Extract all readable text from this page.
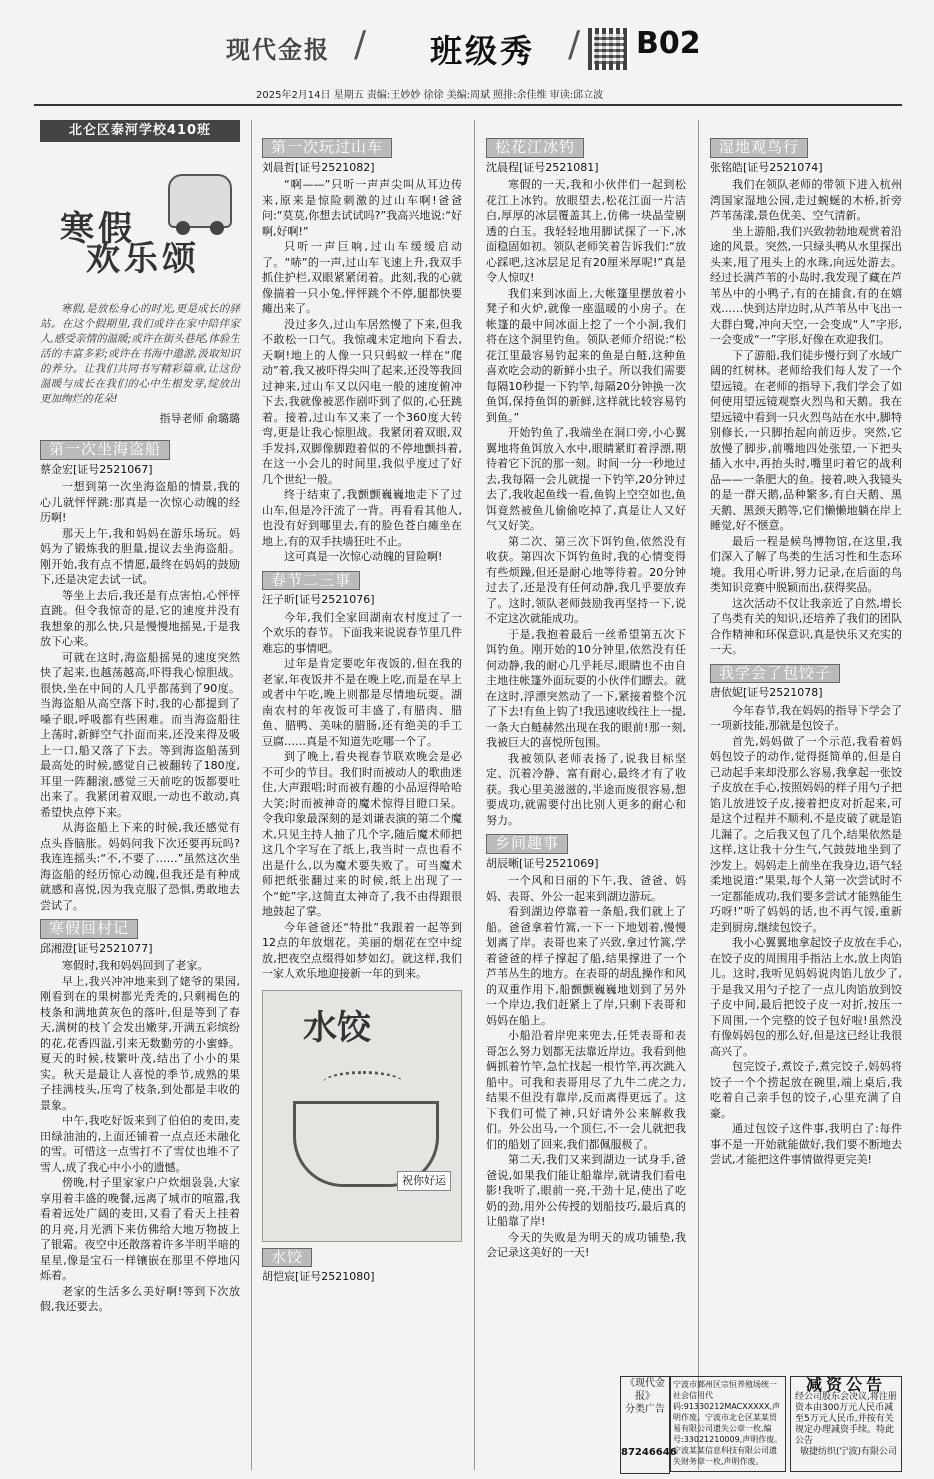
现代金报 / 班级秀 / B02
2025年2月14日 星期五 责编:王妙妙 徐徐 美编:周斌 照排:余佳维 审读:邱立波
北仑区泰河学校410班
寒假
欢乐颂

寒假,是放松身心的时光,更是成长的驿站。在这个假期里,我们或许在家中陪伴家人,感受亲情的温暖;或许在街头巷尾,体验生活的丰富多彩;或许在书海中遨游,汲取知识的养分。让我们共同书写精彩篇章,让这份温暖与成长在我们的心中生根发芽,绽放出更加绚烂的花朵!

指导老师 俞璐璐
第一次坐海盗船
蔡金宏[证号2521067]

一想到第一次坐海盗船的情景,我的心儿就怦怦跳:那真是一次惊心动魄的经历啊!

那天上午,我和妈妈在游乐场玩。妈妈为了锻炼我的胆量,提议去坐海盗船。刚开始,我有点不情愿,最终在妈妈的鼓励下,还是决定去试一试。

等坐上去后,我还是有点害怕,心怦怦直跳。但令我惊奇的是,它的速度并没有我想象的那么快,只是慢慢地摇晃,于是我放下心来。

可就在这时,海盗船摇晃的速度突然快了起来,也越荡越高,吓得我心惊胆战。很快,坐在中间的人几乎都荡到了90度。当海盗船从高空落下时,我的心都提到了嗓子眼,呼吸都有些困难。而当海盗船往上荡时,新鲜空气扑面而来,还没来得及吸上一口,船又落了下去。等到海盗船荡到最高处的时候,感觉自己被翻转了180度,耳里一阵翻滚,感觉三天前吃的饭都要吐出来了。我紧闭着双眼,一动也不敢动,真希望快点停下来。

从海盗船上下来的时候,我还感觉有点头昏脑胀。妈妈问我下次还要再玩吗?我连连摇头:“不,不要了……”虽然这次坐海盗船的经历惊心动魄,但我还是有种成就感和喜悦,因为我克服了恐惧,勇敢地去尝试了。

寒假回村记
邱湘澄[证号2521077]

寒假时,我和妈妈回到了老家。

早上,我兴冲冲地来到了姥爷的果园,刚看到在的果树都光秃秃的,只剩褐色的枝条和满地黄灰色的落叶,但是等到了春天,满树的枝丫会发出嫩芽,开满五彩缤纷的花,花香四溢,引来无数勤劳的小蜜蜂。夏天的时候,枝繁叶茂,结出了小小的果实。秋天是最让人喜悦的季节,成熟的果子挂满枝头,压弯了枝条,到处都是丰收的景象。

中午,我吃好饭来到了伯伯的麦田,麦田绿油油的,上面还铺着一点点还未融化的雪。可惜这一点雪打不了雪仗也堆不了雪人,成了我心中小小的遗憾。

傍晚,村子里家家户户炊烟袅袅,大家享用着丰盛的晚餐,远离了城市的喧嚣,我看着远处广阔的麦田,又看了看天上挂着的月亮,月光洒下来仿佛给大地万物披上了银霜。夜空中还散落着许多半明半暗的星星,像是宝石一样镶嵌在那里不停地闪烁着。

老家的生活多么美好啊!等到下次放假,我还要去。

第一次玩过山车
刘晨哲[证号2521082]

“啊——”只听一声声尖叫从耳边传来,原来是惊险刺激的过山车啊!爸爸问:“莫莫,你想去试试吗?”我高兴地说:“好啊,好啊!”

只听一声巨响,过山车缓缓启动了。“哧”的一声,过山车飞速上升,我双手抓住护栏,双眼紧紧闭着。此刻,我的心就像揣着一只小兔,怦怦跳个不停,腿都快要瘫出来了。

没过多久,过山车居然慢了下来,但我不敢松一口气。我惊魂未定地向下看去,天啊!地上的人像一只只蚂蚁一样在“爬动”着,我又被吓得尖叫了起来,还没等我回过神来,过山车又以闪电一般的速度俯冲下去,我就像被恶作剧吓到了似的,心狂跳着。接着,过山车又来了一个360度大转弯,更是让我心惊胆战。我紧闭着双眼,双手发抖,双脚像脚蹬着似的不停地颤抖着,在这一小会儿的时间里,我似乎度过了好几个世纪一般。

终于结束了,我颤颤巍巍地走下了过山车,但是冷汗流了一背。再看看其他人,也没有好到哪里去,有的脸色苍白瘫坐在地上,有的双手扶墙狂吐不止。

这可真是一次惊心动魄的冒险啊!

春节二三事
汪子昕[证号2521076]

今年,我们全家回湖南农村度过了一个欢乐的春节。下面我来说说春节里几件难忘的事情吧。

过年是肯定要吃年夜饭的,但在我的老家,年夜饭并不是在晚上吃,而是在早上或者中午吃,晚上则都是尽情地玩耍。湖南农村的年夜饭可丰盛了,有腊肉、腊鱼、腊鸭、美味的腊肠,还有绝美的手工豆腐……真是不知道先吃哪一个了。

到了晚上,看央视春节联欢晚会是必不可少的节目。我们时而被动人的歌曲迷住,大声跟唱;时而被有趣的小品逗得哈哈大笑;时而被神奇的魔术惊得目瞪口呆。令我印象最深刻的是刘谦表演的第二个魔术,只见主持人抽了几个字,随后魔术师把这几个字写在了纸上,我当时一点也看不出是什么,以为魔术要失败了。可当魔术师把纸张翻过来的时候,纸上出现了一个“蛇”字,这简直太神奇了,我不由得跟很地鼓起了掌。

今年爸爸还“特批”我跟着一起等到12点的年放烟花。美丽的烟花在空中绽放,把夜空点缀得如梦如幻。就这样,我们一家人欢乐地迎接新一年的到来。

水饺
祝你好运
水饺
胡恺宸[证号2521080]
松花江冰钓
沈晨程[证号2521081]

寒假的一天,我和小伙伴们一起到松花江上冰钓。放眼望去,松花江面一片洁白,厚厚的冰层覆盖其上,仿佛一块晶莹剔透的白玉。我轻轻地用脚试探了一下,冰面稳固如初。领队老师笑着告诉我们:“放心踩吧,这冰层足足有20厘米厚呢!”真是令人惊叹!

我们来到冰面上,大帐篷里摆放着小凳子和火炉,就像一座温暖的小房子。在帐篷的最中间冰面上挖了一个小洞,我们将在这个洞里钓鱼。领队老师介绍说:“松花江里最容易钓起来的鱼是白鲢,这种鱼喜欢吃会动的新鲜小虫子。所以我们需要每隔10秒提一下钓竿,每隔20分钟换一次鱼饵,保持鱼饵的新鲜,这样就比较容易钓到鱼。”

开始钓鱼了,我端坐在洞口旁,小心翼翼地将鱼饵放入水中,眼睛紧盯着浮漂,期待着它下沉的那一刻。时间一分一秒地过去,我每隔一会儿就提一下钓竿,20分钟过去了,我收起鱼线一看,鱼钩上空空如也,鱼饵竟然被鱼儿偷偷吃掉了,真是让人又好气又好笑。

第二次、第三次下饵钓鱼,依然没有收获。第四次下饵钓鱼时,我的心情变得有些烦躁,但还是耐心地等待着。20分钟过去了,还是没有任何动静,我几乎要放弃了。这时,领队老师鼓励我再坚持一下,说不定这次就能成功。

于是,我抱着最后一丝希望第五次下饵钓鱼。刚开始的10分钟里,依然没有任何动静,我的耐心几乎耗尽,眼睛也不由自主地往帐篷外面玩耍的小伙伴们瞟去。就在这时,浮漂突然动了一下,紧接着整个沉了下去!有鱼上钩了!我迅速收线往上一提,一条大白鲢赫然出现在我的眼前!那一刻,我被巨大的喜悦所包围。

我被领队老师表扬了,说我目标坚定、沉着冷静、富有耐心,最终才有了收获。我心里美滋滋的,半途而废很容易,想要成功,就需要付出比别人更多的耐心和努力。

乡间趣事
胡辰晰[证号2521069]

一个风和日丽的下午,我、爸爸、妈妈、表哥、外公一起来到湖边游玩。

看到湖边停靠着一条船,我们就上了船。爸爸拿着竹篙,一下一下地划着,慢慢划离了岸。表哥也来了兴致,拿过竹篙,学着爸爸的样子撑起了船,结果撑进了一个芦苇丛生的地方。在表哥的胡乱操作和风的双重作用下,船颤颤巍巍地划到了另外一个岸边,我们赶紧上了岸,只剩下表哥和妈妈在船上。

小船沿着岸兜来兜去,任凭表哥和表哥怎么努力划都无法靠近岸边。我看到他俩抓着竹竿,急忙找起一根竹竿,再次跳入船中。可我和表哥用尽了九牛二虎之力,结果不但没有靠岸,反而离得更远了。这下我们可慌了神,只好请外公来解救我们。外公出马,一个顶仨,不一会儿就把我们的船划了回来,我们都佩服极了。

第二天,我们又来到湖边一试身手,爸爸说,如果我们能让船靠岸,就请我们看电影!我听了,眼前一亮,干劲十足,使出了吃奶的劲,用外公传授的划船技巧,最后真的让船靠了岸!

今天的失败是为明天的成功铺垫,我会记录这美好的一天!

湿地观鸟行
张铭皓[证号2521074]

我们在领队老师的带领下进入杭州湾国家湿地公园,走过蜿蜒的木桥,折旁芦苇荡漾,景色优美、空气清新。

坐上游船,我们兴致勃勃地观赏着沿途的风景。突然,一只绿头鸭从水里探出头来,甩了甩头上的水珠,向远处游去。经过长满芦苇的小岛时,我发现了藏在芦苇丛中的小鸭子,有的在捕食,有的在嬉戏……快到达岸边时,从芦苇丛中飞出一大群白鹭,冲向天空,一会变成“人”字形,一会变成“一”字形,好像在欢迎我们。

下了游船,我们徒步慢行到了水域广阔的红树林。老师给我们每人发了一个望远镜。在老师的指导下,我们学会了如何使用望远镜观察火烈鸟和天鹅。我在望远镜中看到一只火烈鸟站在水中,脚特别修长,一只脚抬起向前迈步。突然,它放慢了脚步,前嘴地四处张望,一下把头插入水中,再抬头时,嘴里叼着它的战利品——一条肥大的鱼。接着,映入我镜头的是一群天鹅,品种繁多,有白天鹅、黑天鹅、黑颈天鹅等,它们懒懒地躺在岸上睡觉,好不惬意。

最后一程是候鸟博物馆,在这里,我们深入了解了鸟类的生活习性和生态环境。我用心听讲,努力记录,在后面的鸟类知识竞赛中脱颖而出,获得奖品。

这次活动不仅让我亲近了自然,增长了鸟类有关的知识,还培养了我们的团队合作精神和环保意识,真是快乐又充实的一天。

我学会了包饺子
唐依妮[证号2521078]

今年春节,我在妈妈的指导下学会了一项新技能,那就是包饺子。

首先,妈妈做了一个示范,我看着妈妈包饺子的动作,觉得挺简单的,但是自己动起手来却没那么容易,我拿起一张饺子皮放在手心,按照妈妈的样子用勺子把馅儿放进饺子皮,接着把皮对折起来,可是这个过程并不顺利,不是皮破了就是馅儿漏了。之后我又包了几个,结果依然是这样,这让我十分生气,气鼓鼓地坐到了沙发上。妈妈走上前坐在我身边,语气轻柔地说道:“果果,每个人第一次尝试时不一定都能成功,我们要多尝试才能熟能生巧呀!”听了妈妈的话,也不再气馁,重新走到厨房,继续包饺子。

我小心翼翼地拿起饺子皮放在手心,在饺子皮的周围用手指沾上水,放上肉馅儿。这时,我听见妈妈说肉馅儿放少了,于是我又用勺子挖了一点儿肉馅放到饺子皮中间,最后把饺子皮一对折,按压一下周围,一个完整的饺子包好啦!虽然没有像妈妈包的那么好,但是这已经让我很高兴了。

包完饺子,煮饺子,煮完饺子,妈妈将饺子一个个捞起放在碗里,端上桌后,我吃着自己亲手包的饺子,心里充满了自豪。

通过包饺子这件事,我明白了:每件事不是一开始就能做好,我们要不断地去尝试,才能把这件事情做得更完美!

《现代金报》
分类广告
87246646
宁波市鄞州区宗恒养殖场统一社会信用代码:91330212MACXXXXX,声明作废。宁波市北仑区某某贸易有限公司遗失公章一枚,编号:33021210009,声明作废。宁波某某信息科技有限公司遗失财务章一枚,声明作废。
减资公告
经公司股东会决议,将注册资本由300万元人民币减至5万元人民币,并按有关规定办理减资手续。特此公告
敏捷纺织(宁波)有限公司
